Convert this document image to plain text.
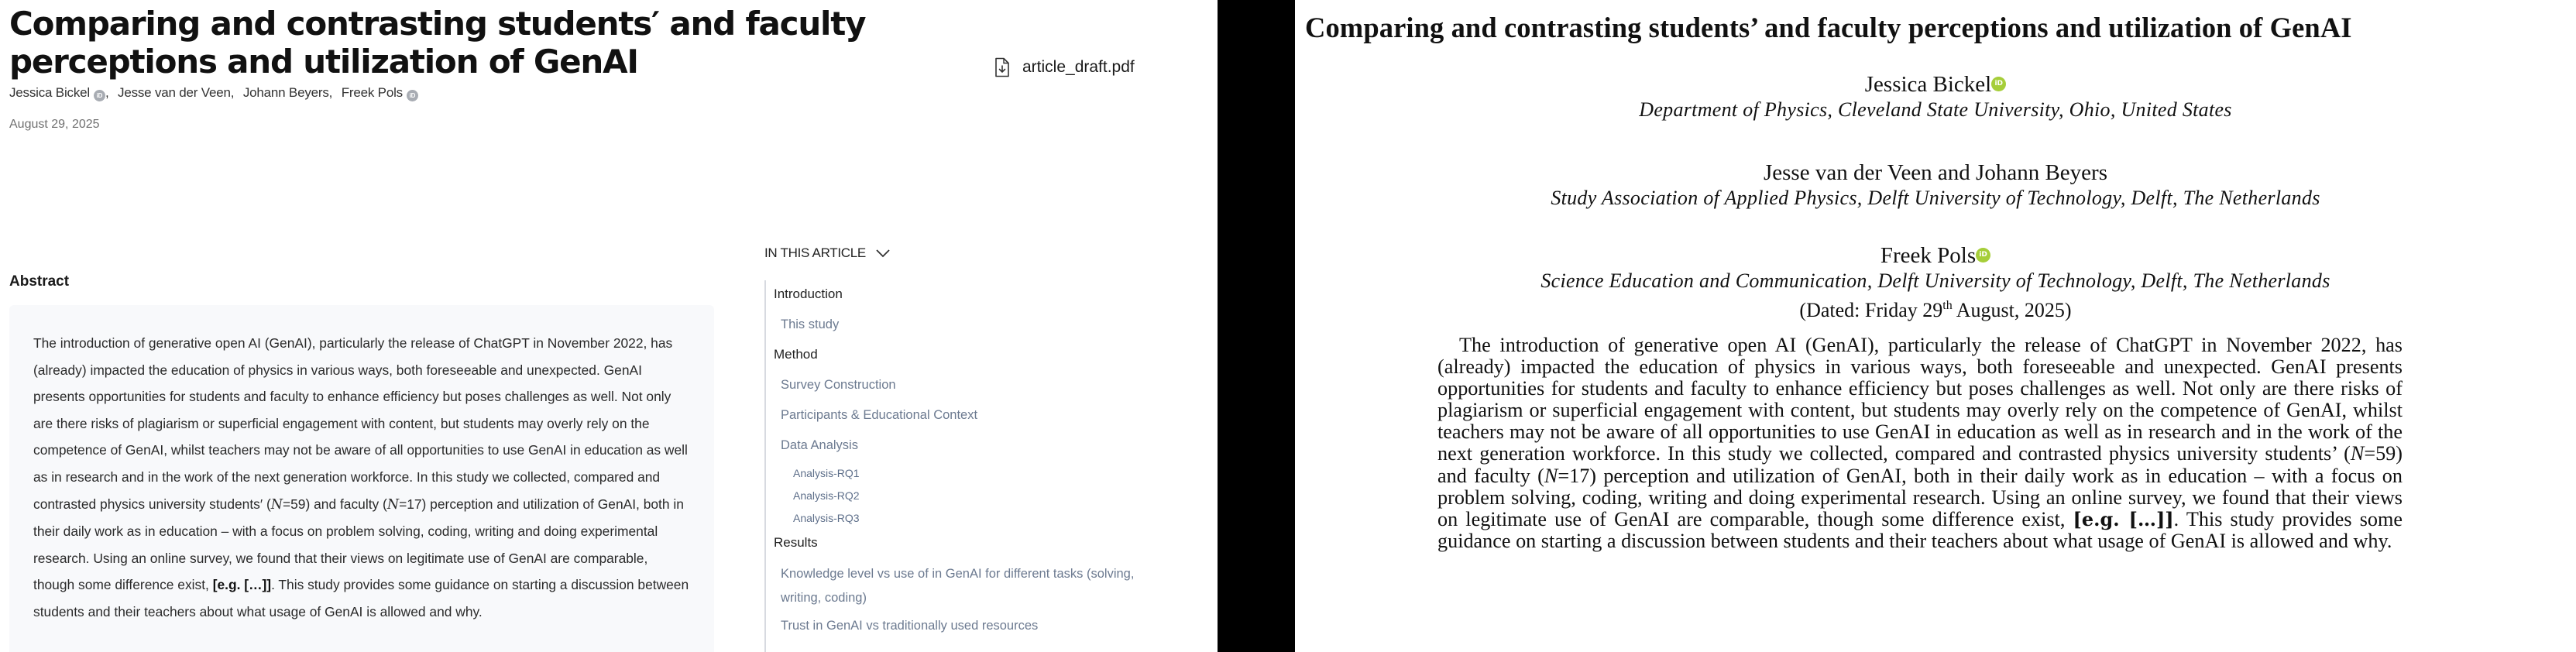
Comparing and contrasting students′ and faculty perceptions and utilization of GenAI
Jessica Bickel iD , Jesse van der Veen, Johann Beyers, Freek Pols iD
August 29, 2025
article_draft.pdf
Abstract

The introduction of generative open AI (GenAI), particularly the release of ChatGPT in November 2022, has (already) impacted the education of physics in various ways, both foreseeable and unexpected. GenAI presents opportunities for students and faculty to enhance efficiency but poses challenges as well. Not only are there risks of plagiarism or superficial engagement with content, but students may overly rely on the competence of GenAI, whilst teachers may not be aware of all opportunities to use GenAI in education as well as in research and in the work of the next generation workforce. In this study we collected, compared and contrasted physics university students′ (N=59) and faculty (N=17) perception and utilization of GenAI, both in their daily work as in education – with a focus on problem solving, coding, writing and doing experimental research. Using an online survey, we found that their views on legitimate use of GenAI are comparable, though some difference exist, [e.g. […]]. This study provides some guidance on starting a discussion between students and their teachers about what usage of GenAI is allowed and why.

IN THIS ARTICLE
Introduction
This study
Method
Survey Construction
Participants & Educational Context
Data Analysis
Analysis-RQ1
Analysis-RQ2
Analysis-RQ3
Results
Knowledge level vs use of in GenAI for different tasks (solving, writing, coding)
Trust in GenAI vs traditionally used resources
Comparing and contrasting students’ and faculty perceptions and utilization of GenAI
Jessica Bickel iD
Department of Physics, Cleveland State University, Ohio, United States
Jesse van der Veen and Johann Beyers
Study Association of Applied Physics, Delft University of Technology, Delft, The Netherlands
Freek Pols iD
Science Education and Communication, Delft University of Technology, Delft, The Netherlands
(Dated: Friday 29th August, 2025)

The introduction of generative open AI (GenAI), particularly the release of ChatGPT in November 2022, has (already) impacted the education of physics in various ways, both foreseeable and unexpected. GenAI presents opportunities for students and faculty to enhance efficiency but poses challenges as well. Not only are there risks of plagiarism or superficial engagement with content, but students may overly rely on the competence of GenAI, whilst teachers may not be aware of all opportunities to use GenAI in education as well as in research and in the work of the next generation workforce. In this study we collected, compared and contrasted physics university students’ (N=59) and faculty (N=17) perception and utilization of GenAI, both in their daily work as in education – with a focus on problem solving, coding, writing and doing experimental research. Using an online survey, we found that their views on legitimate use of GenAI are comparable, though some difference exist, [e.g. […]]. This study provides some guidance on starting a discussion between students and their teachers about what usage of GenAI is allowed and why.
